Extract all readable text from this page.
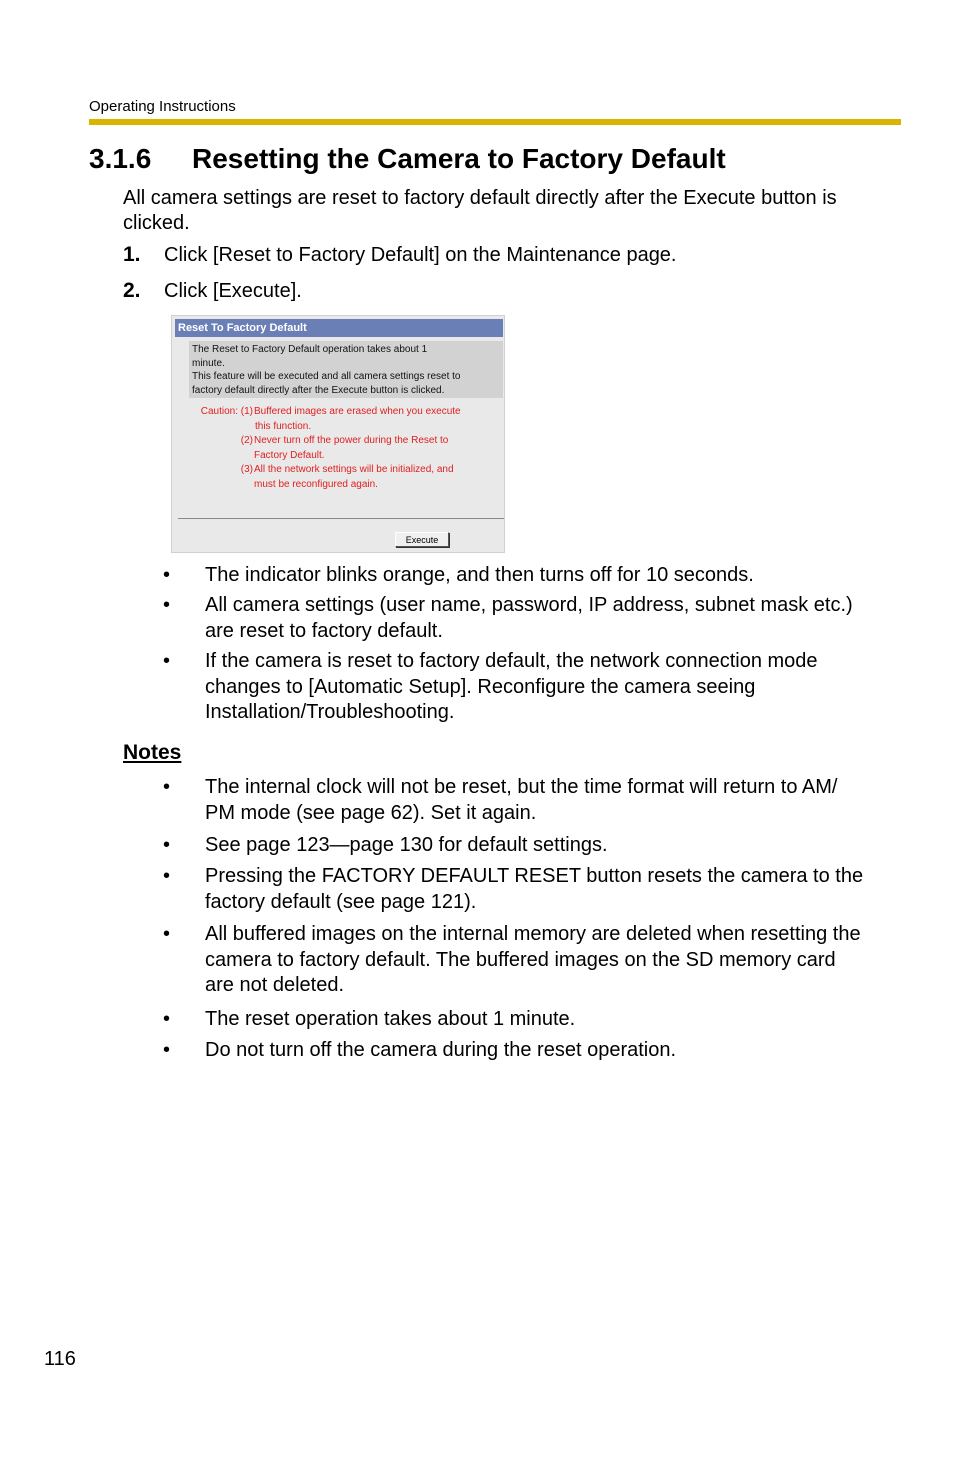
Operating Instructions
3.1.6 Resetting the Camera to Factory Default
All camera settings are reset to factory default directly after the Execute button is clicked.
1. Click [Reset to Factory Default] on the Maintenance page.
2. Click [Execute].
Reset To Factory Default
The Reset to Factory Default operation takes about 1
minute.
This feature will be executed and all camera settings reset to
factory default directly after the Execute button is clicked.
Caution: (1) Buffered images are erased when you execute
this function.
(2) Never turn off the power during the Reset to
Factory Default.
(3) All the network settings will be initialized, and
must be reconfigured again.
Execute
• The indicator blinks orange, and then turns off for 10 seconds.
• All camera settings (user name, password, IP address, subnet mask etc.)
are reset to factory default.
• If the camera is reset to factory default, the network connection mode
changes to [Automatic Setup]. Reconfigure the camera seeing
Installation/Troubleshooting.
Notes
• The internal clock will not be reset, but the time format will return to AM/
PM mode (see page 62). Set it again.
• See page 123—page 130 for default settings.
• Pressing the FACTORY DEFAULT RESET button resets the camera to the
factory default (see page 121).
• All buffered images on the internal memory are deleted when resetting the
camera to factory default. The buffered images on the SD memory card
are not deleted.
• The reset operation takes about 1 minute.
• Do not turn off the camera during the reset operation.
116
